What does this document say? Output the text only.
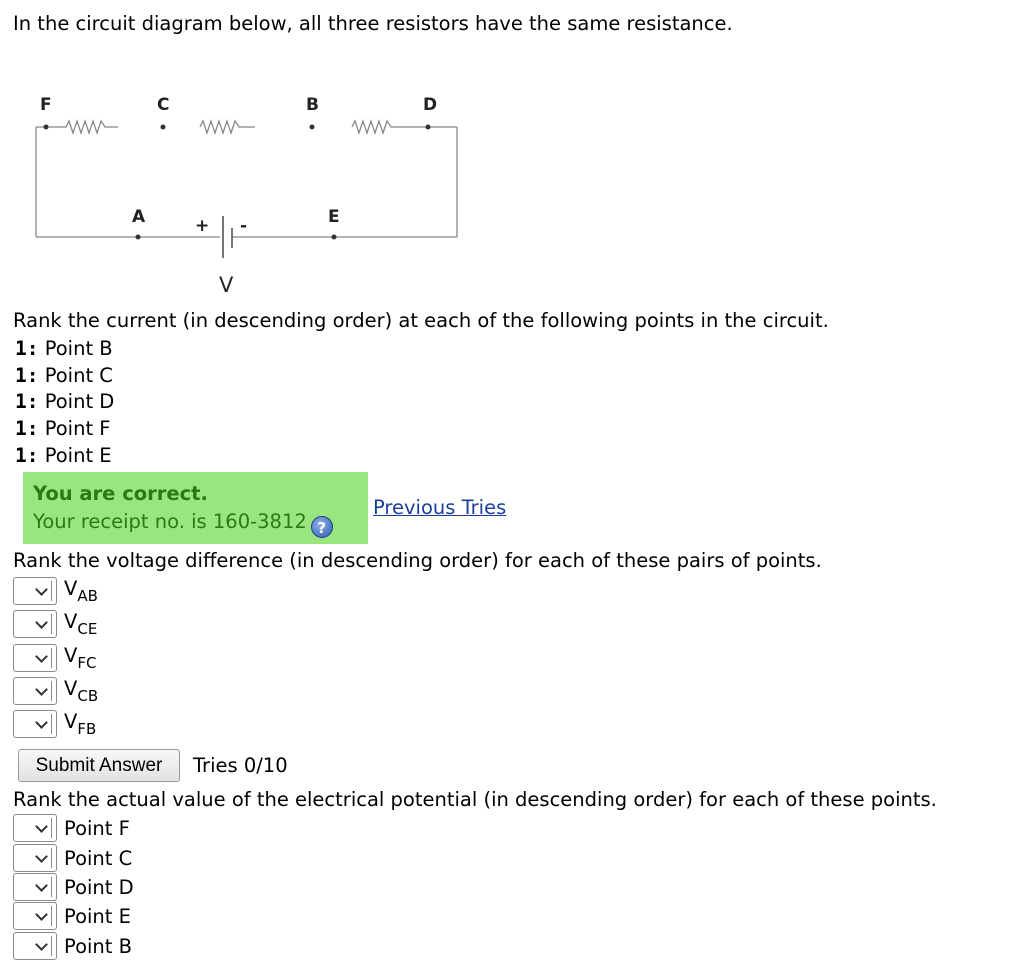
In the circuit diagram below, all three resistors have the same resistance.
F	C	B	D
A	E
+ -
V
Rank the current (in descending order) at each of the following points in the circuit.
1: Point B
1: Point C
1: Point D
1: Point F
1: Point E
You are correct.
Your receipt no. is 160-3812 ?
Previous Tries
Rank the voltage difference (in descending order) for each of these pairs of points.
$V_{AB}$
$V_{CE}$
$V_{FC}$
$V_{CB}$
$V_{FB}$
Submit Answer	Tries 0/10
Rank the actual value of the electrical potential (in descending order) for each of these points.
Point F
Point C
Point D
Point E
Point B
